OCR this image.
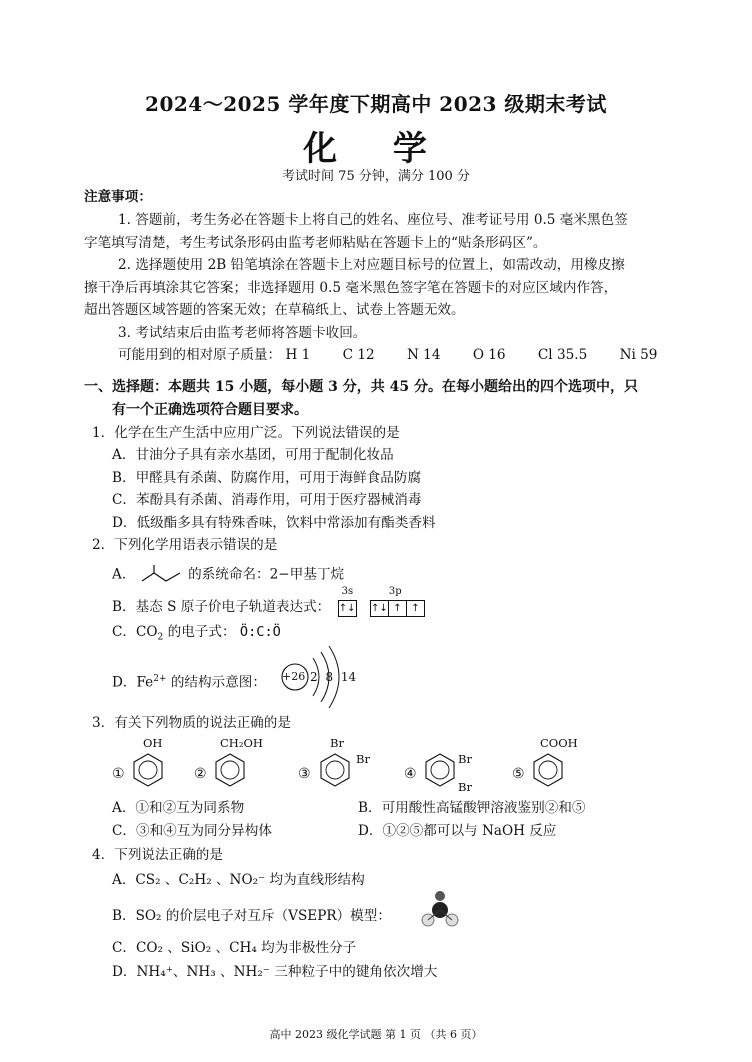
2024～2025 学年度下期高中 2023 级期末考试
化 学
考试时间 75 分钟，满分 100 分
注意事项：
1. 答题前，考生务必在答题卡上将自己的姓名、座位号、准考证号用 0.5 毫米黑色签
字笔填写清楚，考生考试条形码由监考老师粘贴在答题卡上的“贴条形码区”。
2. 选择题使用 2B 铅笔填涂在答题卡上对应题目标号的位置上，如需改动，用橡皮擦
擦干净后再填涂其它答案；非选择题用 0.5 毫米黑色签字笔在答题卡的对应区域内作答，
超出答题区域答题的答案无效；在草稿纸上、试卷上答题无效。
3. 考试结束后由监考老师将答题卡收回。
可能用到的相对原子质量： H 1 C 12 N 14 O 16 Cl 35.5 Ni 59
一、选择题：本题共 15 小题，每小题 3 分，共 45 分。在每小题给出的四个选项中，只
有一个正确选项符合题目要求。
1．化学在生产生活中应用广泛。下列说法错误的是
A．甘油分子具有亲水基团，可用于配制化妆品
B．甲醛具有杀菌、防腐作用，可用于海鲜食品防腐
C．苯酚具有杀菌、消毒作用，可用于医疗器械消毒
D．低级酯多具有特殊香味，饮料中常添加有酯类香料
2．下列化学用语表示错误的是
A．	的系统命名：2−甲基丁烷
B．基态 S 原子价电子轨道表达式：
3s
↑↓
3p
↑↓ ↑ ↑
C．$CO_2$ 的电子式： Ö:C:Ö
D．$Fe^{2+}$ 的结构示意图： +26 2 8 14
3．有关下列物质的说法正确的是
①
OH
②
CH₂OH
③
Br
Br
④
Br
Br
⑤
COOH
A．①和②互为同系物	B．可用酸性高锰酸钾溶液鉴别②和⑤
C．③和④互为同分异构体	D．①②⑤都可以与 NaOH 反应
4．下列说法正确的是
A．CS₂ 、C₂H₂ 、NO₂⁻ 均为直线形结构
B．SO₂ 的价层电子对互斥（VSEPR）模型：
C．CO₂ 、SiO₂ 、CH₄ 均为非极性分子
D．NH₄⁺、NH₃ 、NH₂⁻ 三种粒子中的键角依次增大
高中 2023 级化学试题 第 1 页 （共 6 页）
